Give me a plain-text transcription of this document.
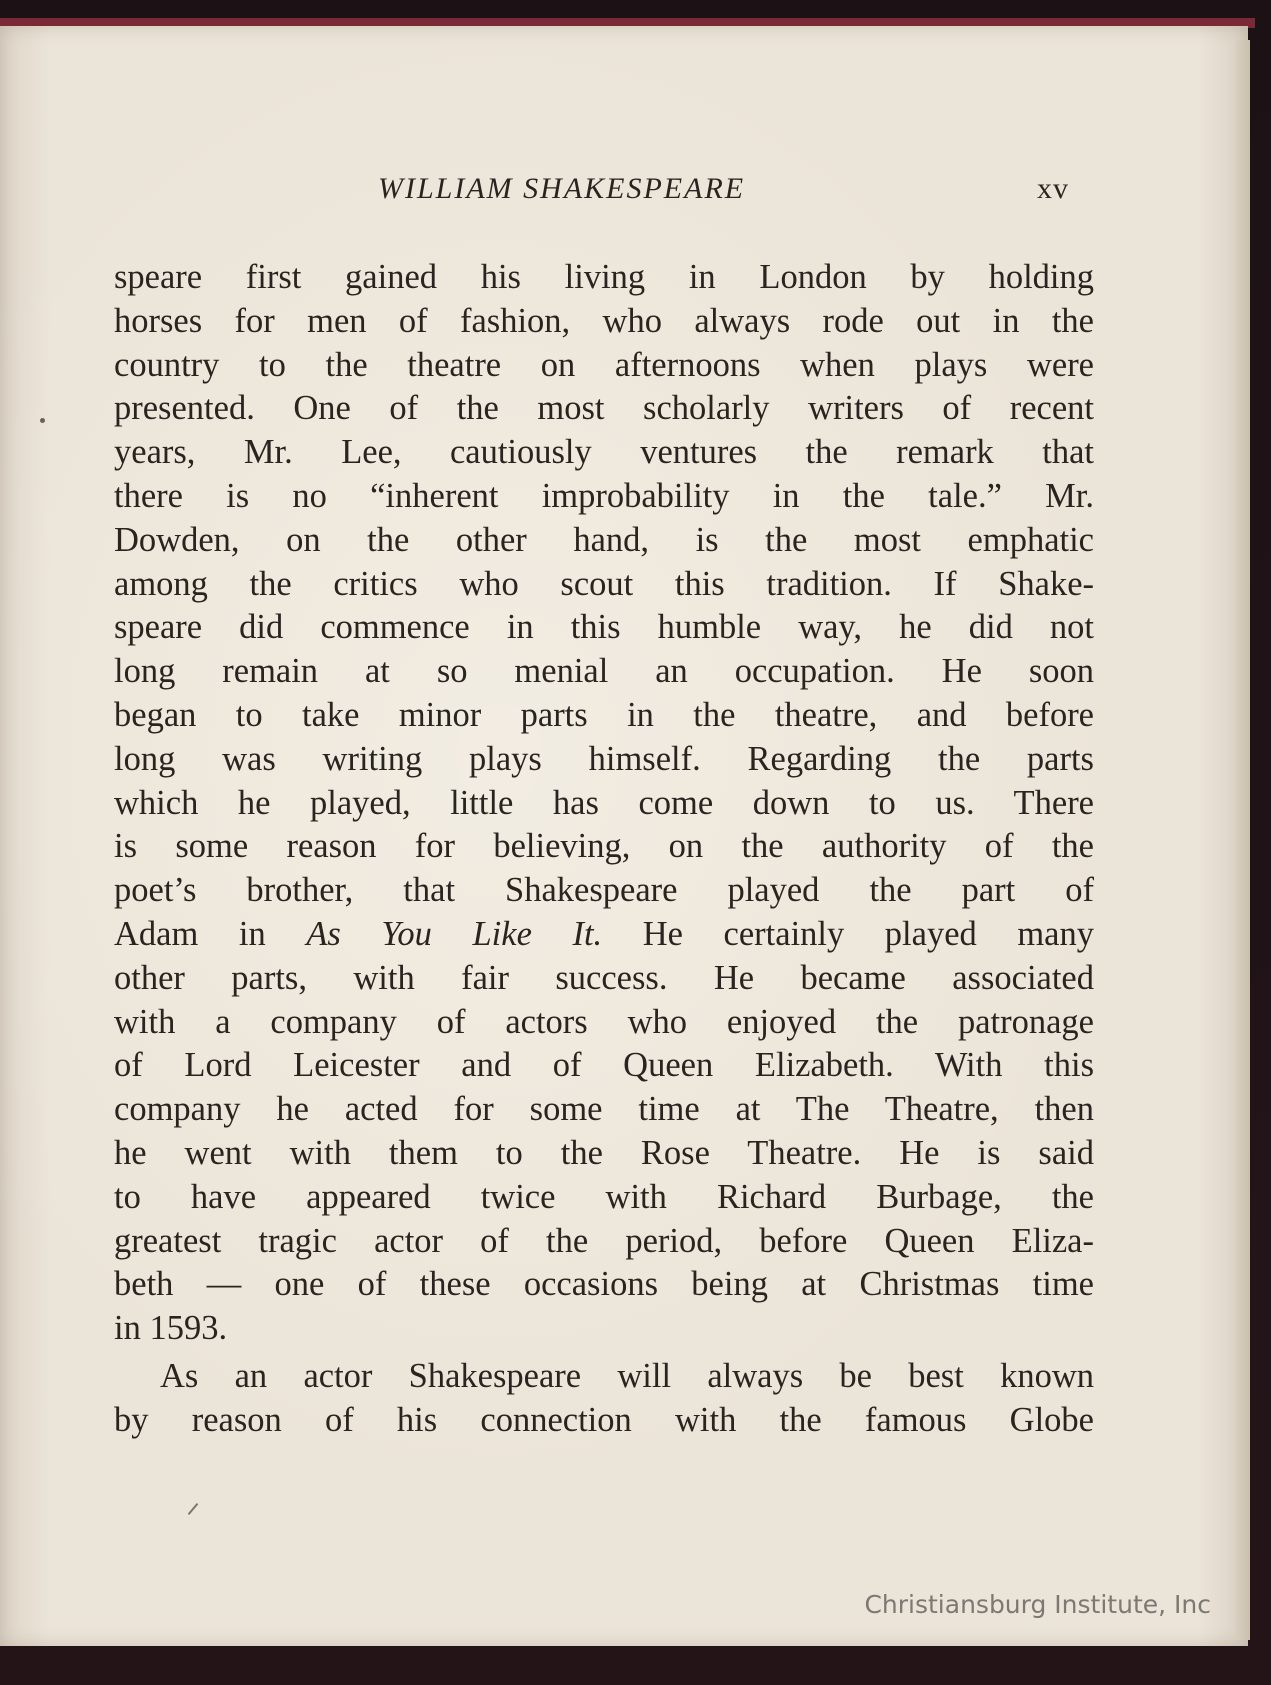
WILLIAM SHAKESPEARE	xv
speare first gained his living in London by holding
horses for men of fashion, who always rode out in the
country to the theatre on afternoons when plays were
presented. One of the most scholarly writers of recent
years, Mr. Lee, cautiously ventures the remark that
there is no “inherent improbability in the tale.” Mr.
Dowden, on the other hand, is the most emphatic
among the critics who scout this tradition. If Shake-
speare did commence in this humble way, he did not
long remain at so menial an occupation. He soon
began to take minor parts in the theatre, and before
long was writing plays himself. Regarding the parts
which he played, little has come down to us. There
is some reason for believing, on the authority of the
poet’s brother, that Shakespeare played the part of
Adam in As You Like It. He certainly played many
other parts, with fair success. He became associated
with a company of actors who enjoyed the patronage
of Lord Leicester and of Queen Elizabeth. With this
company he acted for some time at The Theatre, then
he went with them to the Rose Theatre. He is said
to have appeared twice with Richard Burbage, the
greatest tragic actor of the period, before Queen Eliza-
beth — one of these occasions being at Christmas time
in 1593.
As an actor Shakespeare will always be best known
by reason of his connection with the famous Globe
Christiansburg Institute, Inc
